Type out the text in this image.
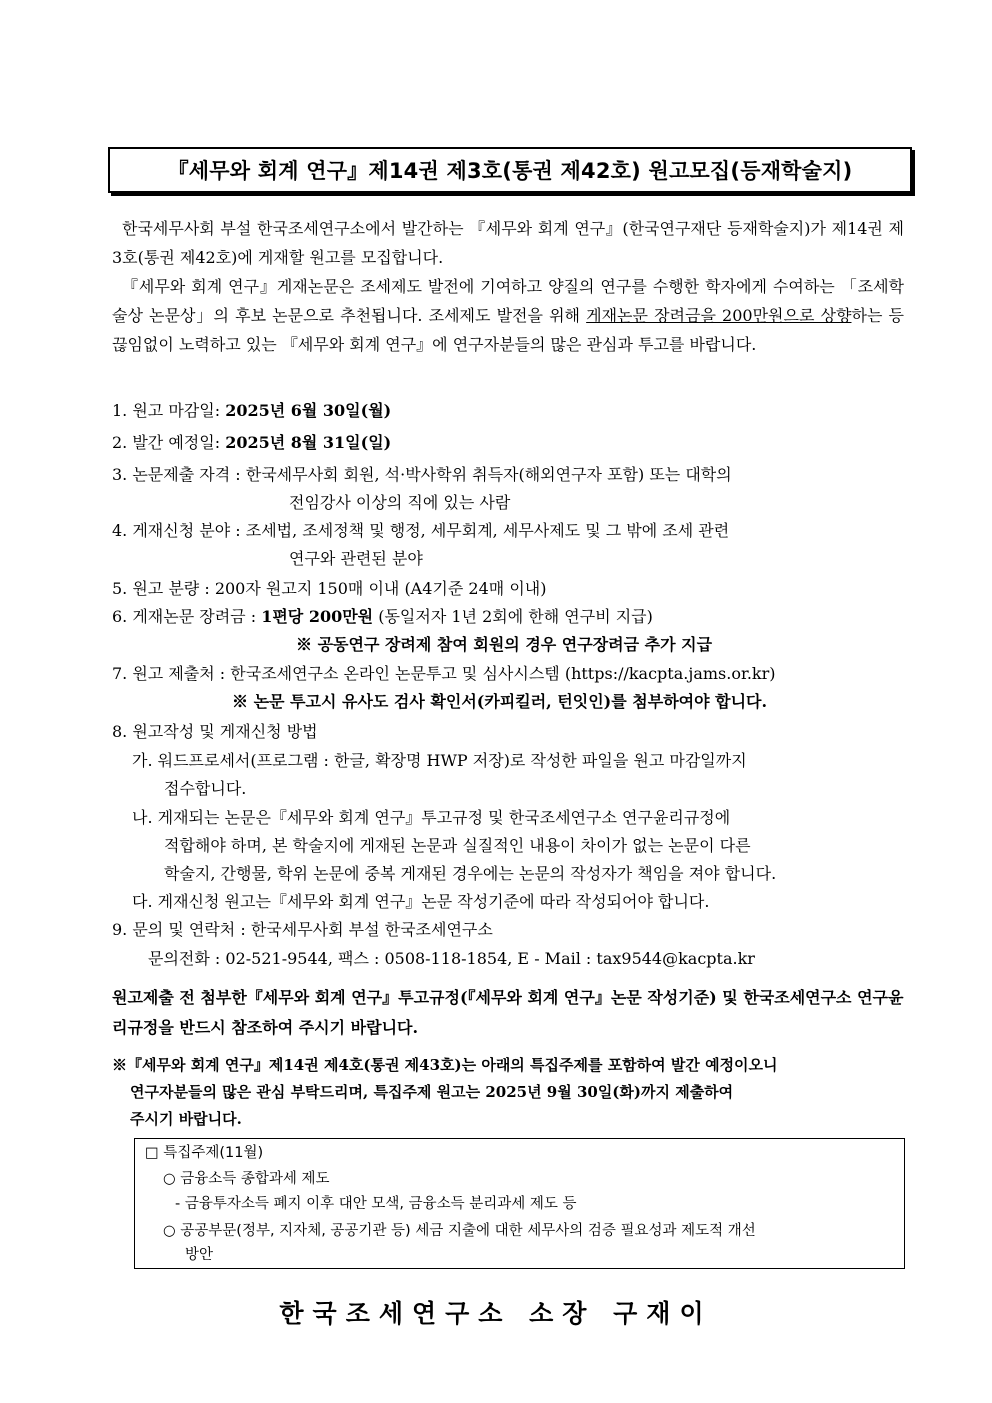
『세무와 회계 연구』제14권 제3호(통권 제42호) 원고모집(등재학술지)
한국세무사회 부설 한국조세연구소에서 발간하는 『세무와 회계 연구』(한국연구재단 등재학술지)가 제14권 제3호(통권 제42호)에 게재할 원고를 모집합니다.
『세무와 회계 연구』게재논문은 조세제도 발전에 기여하고 양질의 연구를 수행한 학자에게 수여하는 「조세학술상 논문상」의 후보 논문으로 추천됩니다. 조세제도 발전을 위해 게재논문 장려금을 200만원으로 상향하는 등 끊임없이 노력하고 있는 『세무와 회계 연구』에 연구자분들의 많은 관심과 투고를 바랍니다.
1. 원고 마감일: 2025년 6월 30일(월)
2. 발간 예정일: 2025년 8월 31일(일)
3. 논문제출 자격 : 한국세무사회 회원, 석·박사학위 취득자(해외연구자 포함) 또는 대학의
전임강사 이상의 직에 있는 사람
4. 게재신청 분야 : 조세법, 조세정책 및 행정, 세무회계, 세무사제도 및 그 밖에 조세 관련
연구와 관련된 분야
5. 원고 분량 : 200자 원고지 150매 이내 (A4기준 24매 이내)
6. 게재논문 장려금 : 1편당 200만원 (동일저자 1년 2회에 한해 연구비 지급)
※ 공동연구 장려제 참여 회원의 경우 연구장려금 추가 지급
7. 원고 제출처 : 한국조세연구소 온라인 논문투고 및 심사시스템 (https://kacpta.jams.or.kr)
※ 논문 투고시 유사도 검사 확인서(카피킬러, 턴잇인)를 첨부하여야 합니다.
8. 원고작성 및 게재신청 방법
가. 워드프로세서(프로그램 : 한글, 확장명 HWP 저장)로 작성한 파일을 원고 마감일까지
접수합니다.
나. 게재되는 논문은『세무와 회계 연구』투고규정 및 한국조세연구소 연구윤리규정에
적합해야 하며, 본 학술지에 게재된 논문과 실질적인 내용이 차이가 없는 논문이 다른
학술지, 간행물, 학위 논문에 중복 게재된 경우에는 논문의 작성자가 책임을 져야 합니다.
다. 게재신청 원고는『세무와 회계 연구』논문 작성기준에 따라 작성되어야 합니다.
9. 문의 및 연락처 : 한국세무사회 부설 한국조세연구소
문의전화 : 02-521-9544, 팩스 : 0508-118-1854, E - Mail : tax9544@kacpta.kr
원고제출 전 첨부한『세무와 회계 연구』투고규정(『세무와 회계 연구』논문 작성기준) 및 한국조세연구소 연구윤리규정을 반드시 참조하여 주시기 바랍니다.
※『세무와 회계 연구』제14권 제4호(통권 제43호)는 아래의 특집주제를 포함하여 발간 예정이오니
연구자분들의 많은 관심 부탁드리며, 특집주제 원고는 2025년 9월 30일(화)까지 제출하여
주시기 바랍니다.
□ 특집주제(11월)
○ 금융소득 종합과세 제도
- 금융투자소득 폐지 이후 대안 모색, 금융소득 분리과세 제도 등
○ 공공부문(정부, 지자체, 공공기관 등) 세금 지출에 대한 세무사의 검증 필요성과 제도적 개선
방안
한국조세연구소 소장 구재이
